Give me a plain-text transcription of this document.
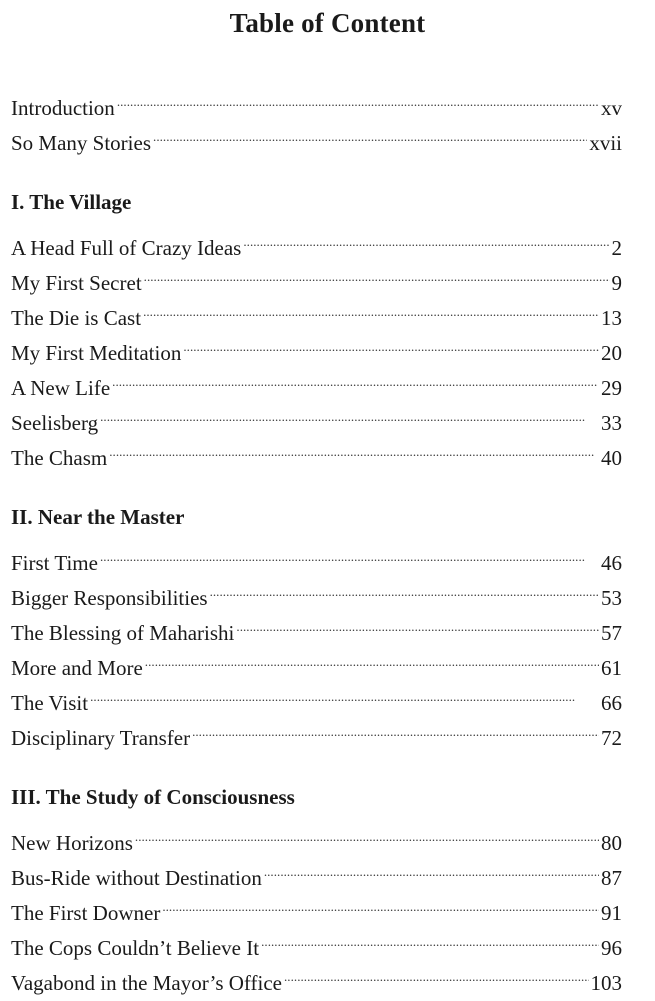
Table of Content
Introduction . . .	xv
So Many Stories . . .	xvii
I. The Village
A Head Full of Crazy Ideas . . .	2
My First Secret . . .	9
The Die is Cast . . .	13
My First Meditation . . .	20
A New Life . . .	29
Seelisberg . . .	33
The Chasm . . .	40
II. Near the Master
First Time . . .	46
Bigger Responsibilities . . .	53
The Blessing of Maharishi . . .	57
More and More . . .	61
The Visit . . .	66
Disciplinary Transfer . . .	72
III. The Study of Consciousness
New Horizons . . .	80
Bus-Ride without Destination . . .	87
The First Downer . . .	91
The Cops Couldn’t Believe It . . .	96
Vagabond in the Mayor’s Office . . .	103
